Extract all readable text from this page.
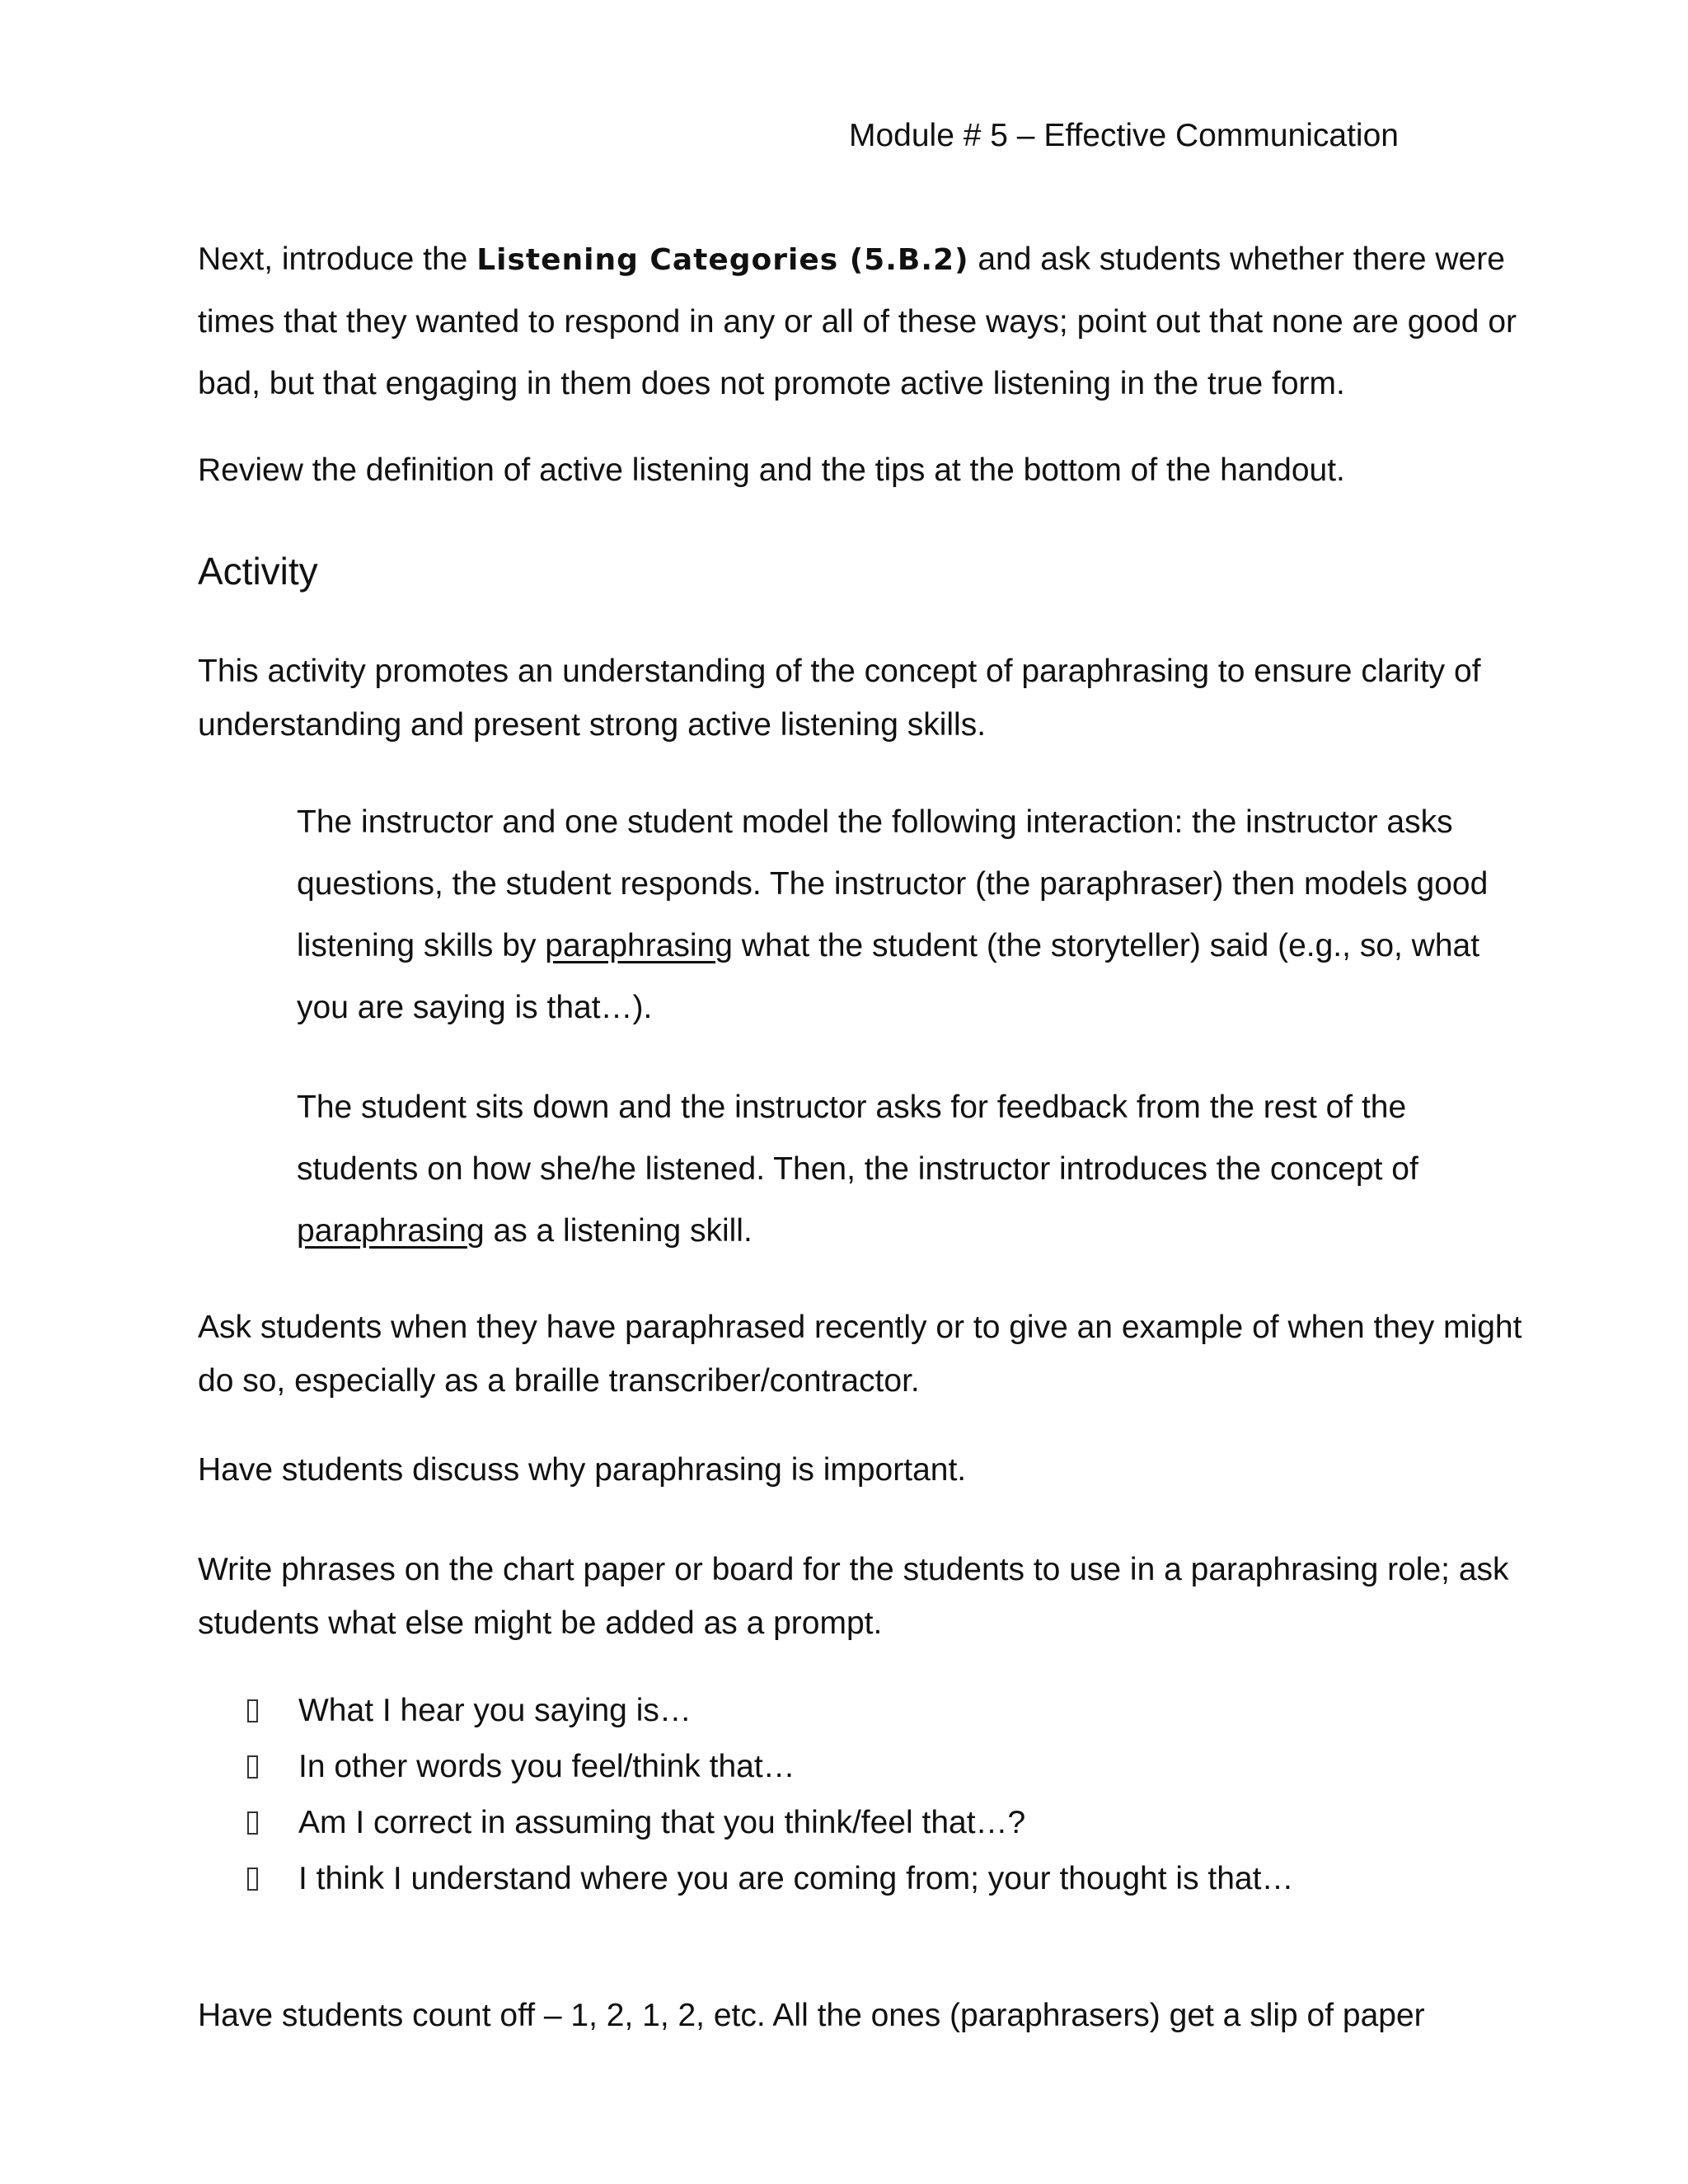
Module # 5 – Effective Communication

Next, introduce the Listening Categories (5.B.2) and ask students whether there were times that they wanted to respond in any or all of these ways; point out that none are good or bad, but that engaging in them does not promote active listening in the true form.

Review the definition of active listening and the tips at the bottom of the handout.

Activity

This activity promotes an understanding of the concept of paraphrasing to ensure clarity of understanding and present strong active listening skills.

The instructor and one student model the following interaction: the instructor asks questions, the student responds. The instructor (the paraphraser) then models good listening skills by paraphrasing what the student (the storyteller) said (e.g., so, what you are saying is that…).

The student sits down and the instructor asks for feedback from the rest of the students on how she/he listened. Then, the instructor introduces the concept of paraphrasing as a listening skill.

Ask students when they have paraphrased recently or to give an example of when they might do so, especially as a braille transcriber/contractor.

Have students discuss why paraphrasing is important.

Write phrases on the chart paper or board for the students to use in a paraphrasing role; ask students what else might be added as a prompt.

What I hear you saying is…
In other words you feel/think that…
Am I correct in assuming that you think/feel that…?
I think I understand where you are coming from; your thought is that…

Have students count off – 1, 2, 1, 2, etc. All the ones (paraphrasers) get a slip of paper
